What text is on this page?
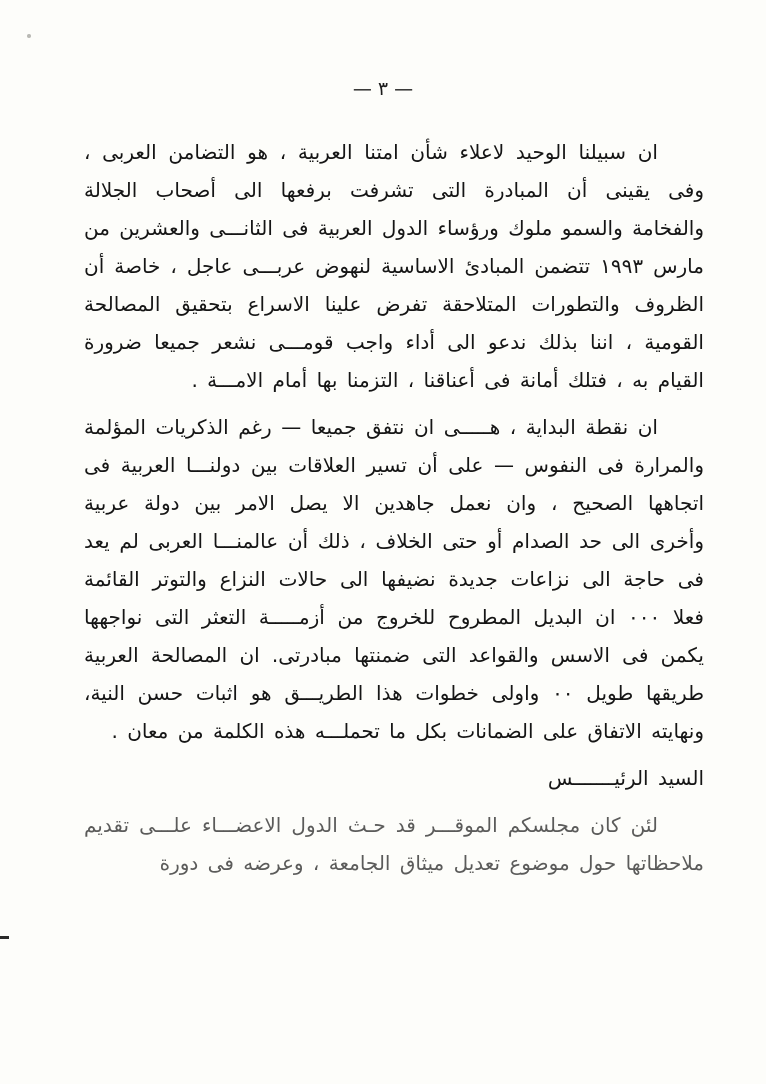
— ٣ —

ان سبيلنا الوحيد لاعلاء شأن امتنا العربية ، هو التضامن العربى ، وفى يقينى أن المبادرة التى تشرفت برفعها الى أصحاب الجلالة والفخامة والسمو ملوك ورؤساء الدول العربية فى الثانـــى والعشرين من مارس ١٩٩٣ تتضمن المبادئ الاساسية لنهوض عربـــى عاجل ، خاصة أن الظروف والتطورات المتلاحقة تفرض علينا الاسراع بتحقيق المصالحة القومية ، اننا بذلك ندعو الى أداء واجب قومـــى نشعر جميعا ضرورة القيام به ، فتلك أمانة فى أعناقنا ، التزمنا بها أمام الامـــة .

ان نقطة البداية ، هـــــى ان نتفق جميعا — رغم الذكريات المؤلمة والمرارة فى النفوس — على أن تسير العلاقات بين دولنـــا العربية فى اتجاهها الصحيح ، وان نعمل جاهدين الا يصل الامر بين دولة عربية وأخرى الى حد الصدام أو حتى الخلاف ، ذلك أن عالمنـــا العربى لم يعد فى حاجة الى نزاعات جديدة نضيفها الى حالات النزاع والتوتر القائمة فعلا ٠٠٠ ان البديل المطروح للخروج من أزمـــــة التعثر التى نواجهها يكمن فى الاسس والقواعد التى ضمنتها مبادرتى. ان المصالحة العربية طريقها طويل ٠٠ واولى خطوات هذا الطريـــق هو اثبات حسن النية، ونهايته الاتفاق على الضمانات بكل ما تحملـــه هذه الكلمة من معان .

السيد الرئيـــــــس

لئن كان مجلسكم الموقـــر قد حـث الدول الاعضـــاء علـــى تقديم ملاحظاتها حول موضوع تعديل ميثاق الجامعة ، وعرضه فى دورة
